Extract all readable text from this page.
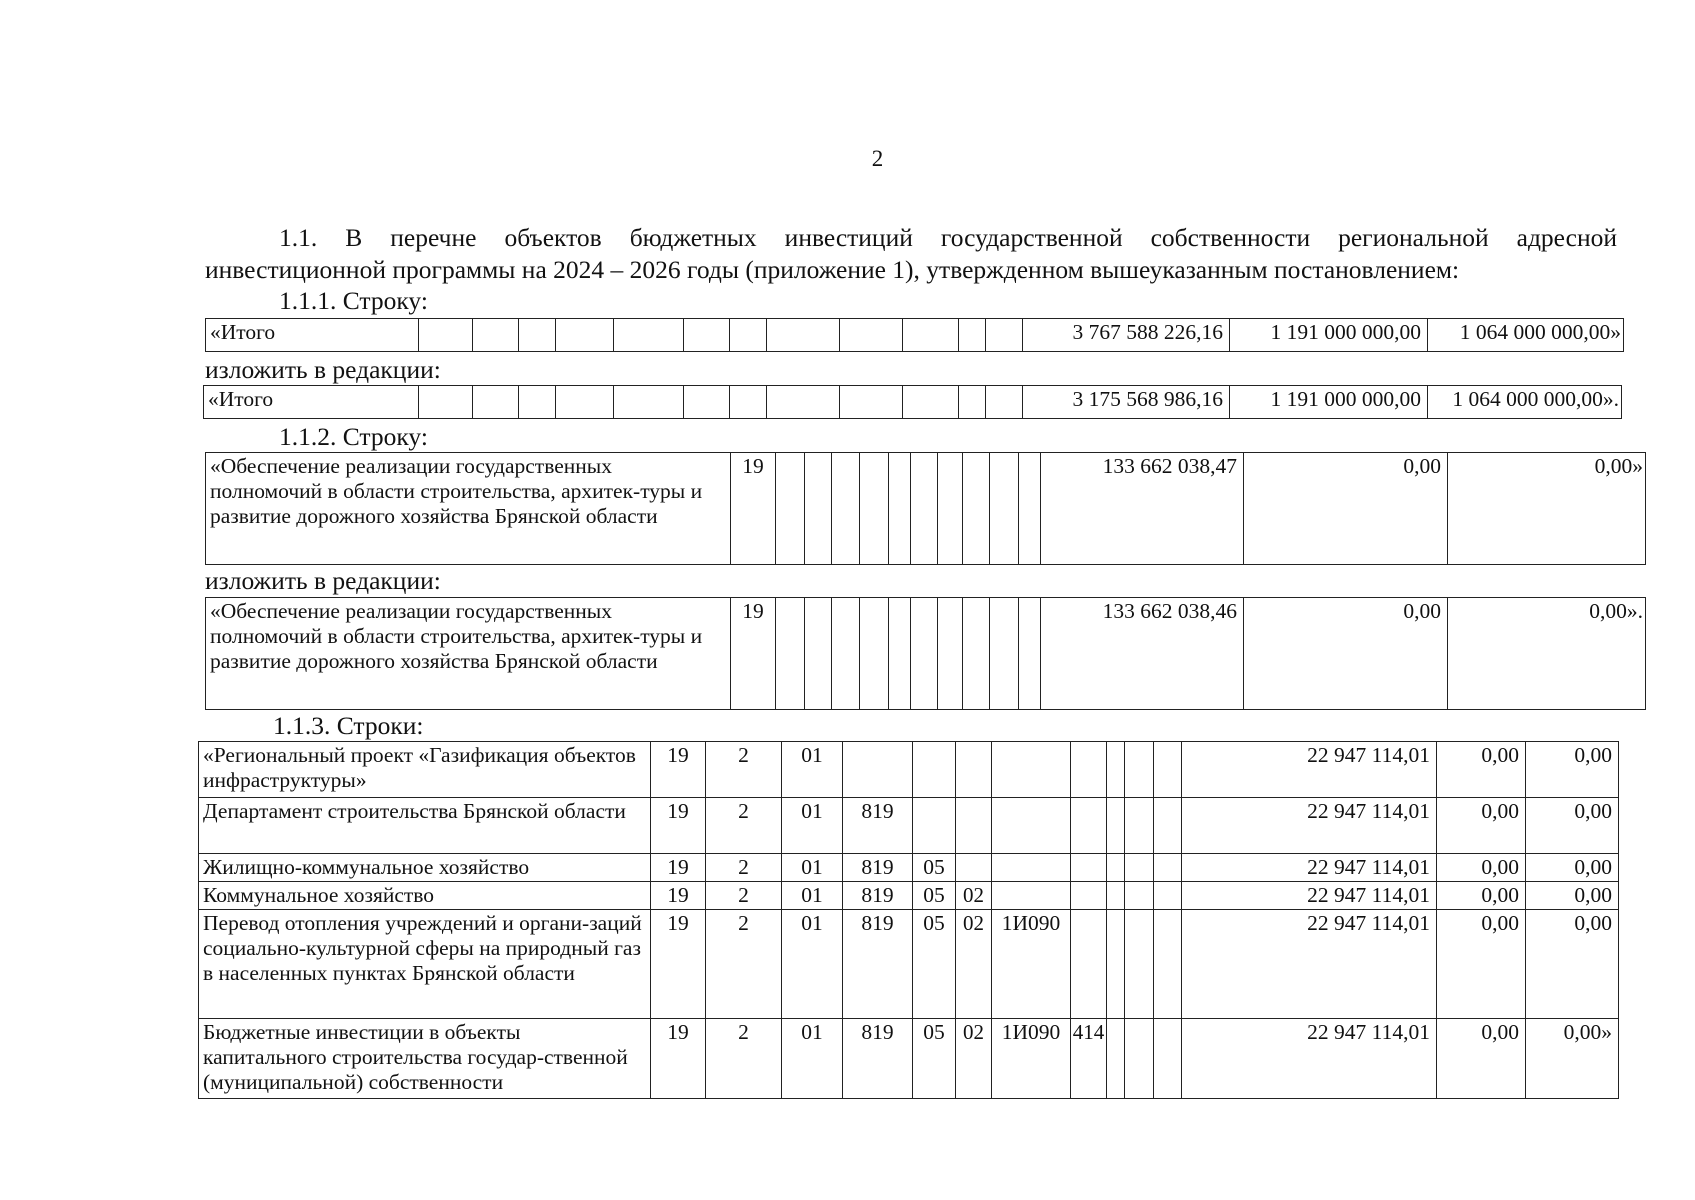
2
1.1. В перечне объектов бюджетных инвестиций государственной собственности региональной адресной
инвестиционной программы на 2024 – 2026 годы (приложение 1), утвержденном вышеуказанным постановлением:
1.1.1. Строку:
«Итого													3 767 588 226,16	1 191 000 000,00	1 064 000 000,00»
изложить в редакции:
«Итого													3 175 568 986,16	1 191 000 000,00	1 064 000 000,00».
1.1.2. Строку:
«Обеспечение реализации государственных полномочий в области строительства, архитек-туры и развитие дорожного хозяйства Брянской области	19											133 662 038,47	0,00	0,00»
изложить в редакции:
«Обеспечение реализации государственных полномочий в области строительства, архитек-туры и развитие дорожного хозяйства Брянской области	19											133 662 038,46	0,00	0,00».
1.1.3. Строки:
«Региональный проект «Газификация объектов инфраструктуры»	19	2	01									22 947 114,01	0,00	0,00
Департамент строительства Брянской области	19	2	01	819								22 947 114,01	0,00	0,00
Жилищно-коммунальное хозяйство	19	2	01	819	05							22 947 114,01	0,00	0,00
Коммунальное хозяйство	19	2	01	819	05	02						22 947 114,01	0,00	0,00
Перевод отопления учреждений и органи-заций социально-культурной сферы на природный газ в населенных пунктах Брянской области	19	2	01	819	05	02	1И090					22 947 114,01	0,00	0,00
Бюджетные инвестиции в объекты капитального строительства государ-ственной (муниципальной) собственности	19	2	01	819	05	02	1И090	414				22 947 114,01	0,00	0,00»
